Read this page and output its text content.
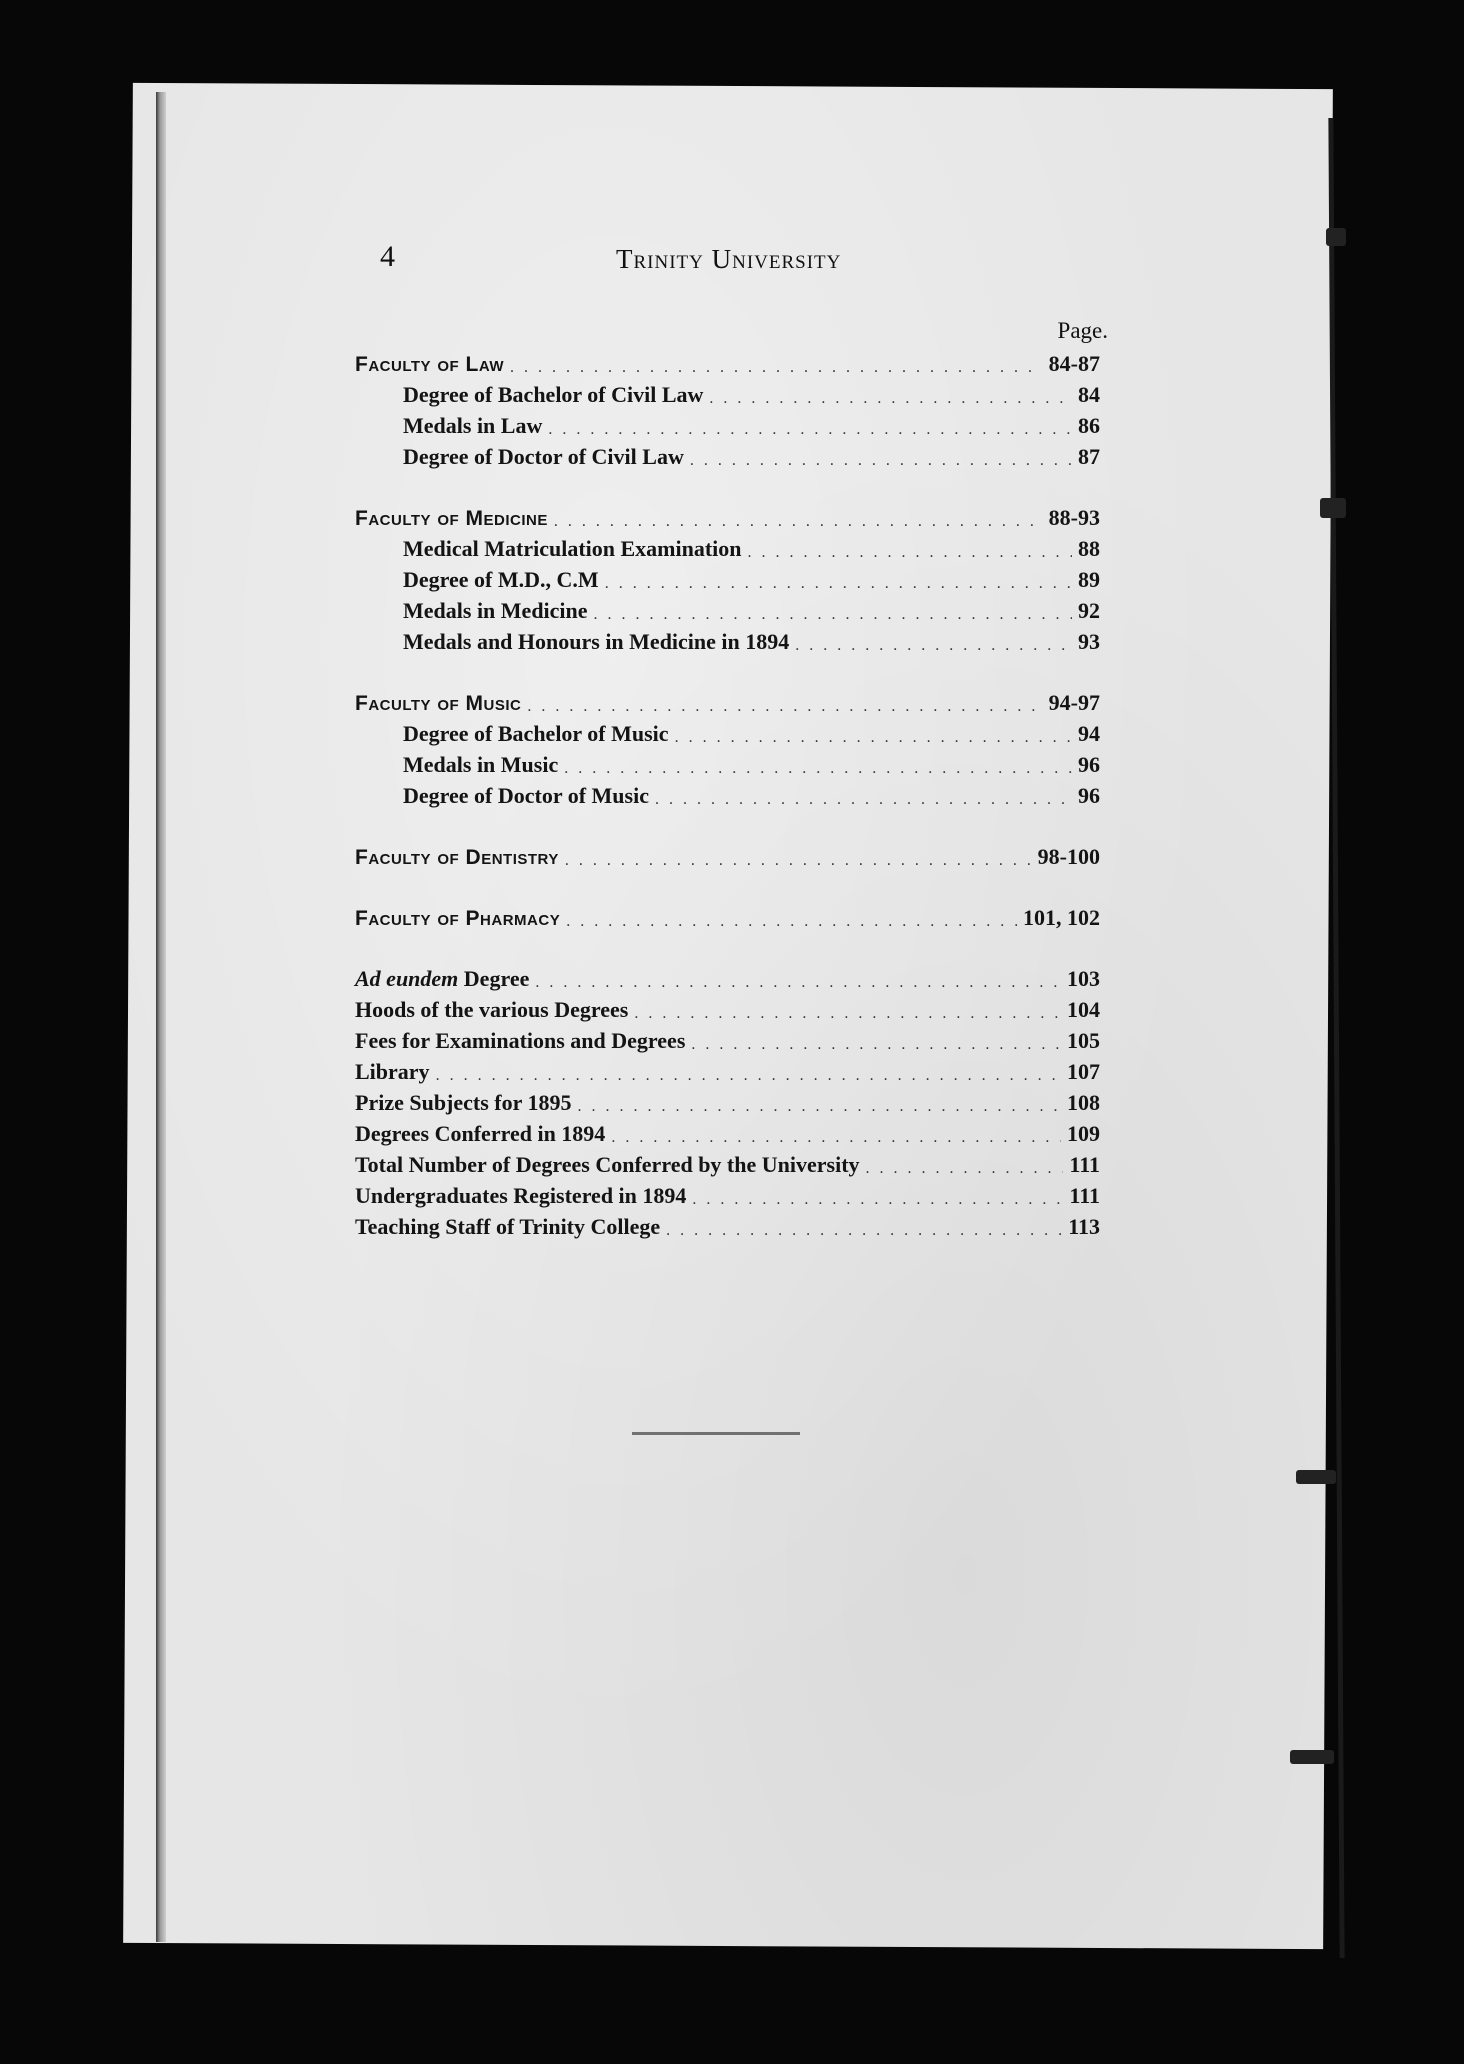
4	Trinity University
Page.
Faculty of Law . . .	84-87
Degree of Bachelor of Civil Law . . .	84
Medals in Law . . .	86
Degree of Doctor of Civil Law . . .	87
Faculty of Medicine . . .	88-93
Medical Matriculation Examination . . .	88
Degree of M.D., C.M . . .	89
Medals in Medicine . . .	92
Medals and Honours in Medicine in 1894 . . .	93
Faculty of Music . . .	94-97
Degree of Bachelor of Music . . .	94
Medals in Music . . .	96
Degree of Doctor of Music . . .	96
Faculty of Dentistry . . .	98-100
Faculty of Pharmacy . . .	101, 102
Ad eundem Degree . . .	103
Hoods of the various Degrees . . .	104
Fees for Examinations and Degrees . . .	105
Library . . .	107
Prize Subjects for 1895 . . .	108
Degrees Conferred in 1894 . . .	109
Total Number of Degrees Conferred by the University . . .	111
Undergraduates Registered in 1894 . . .	111
Teaching Staff of Trinity College . . .	113
